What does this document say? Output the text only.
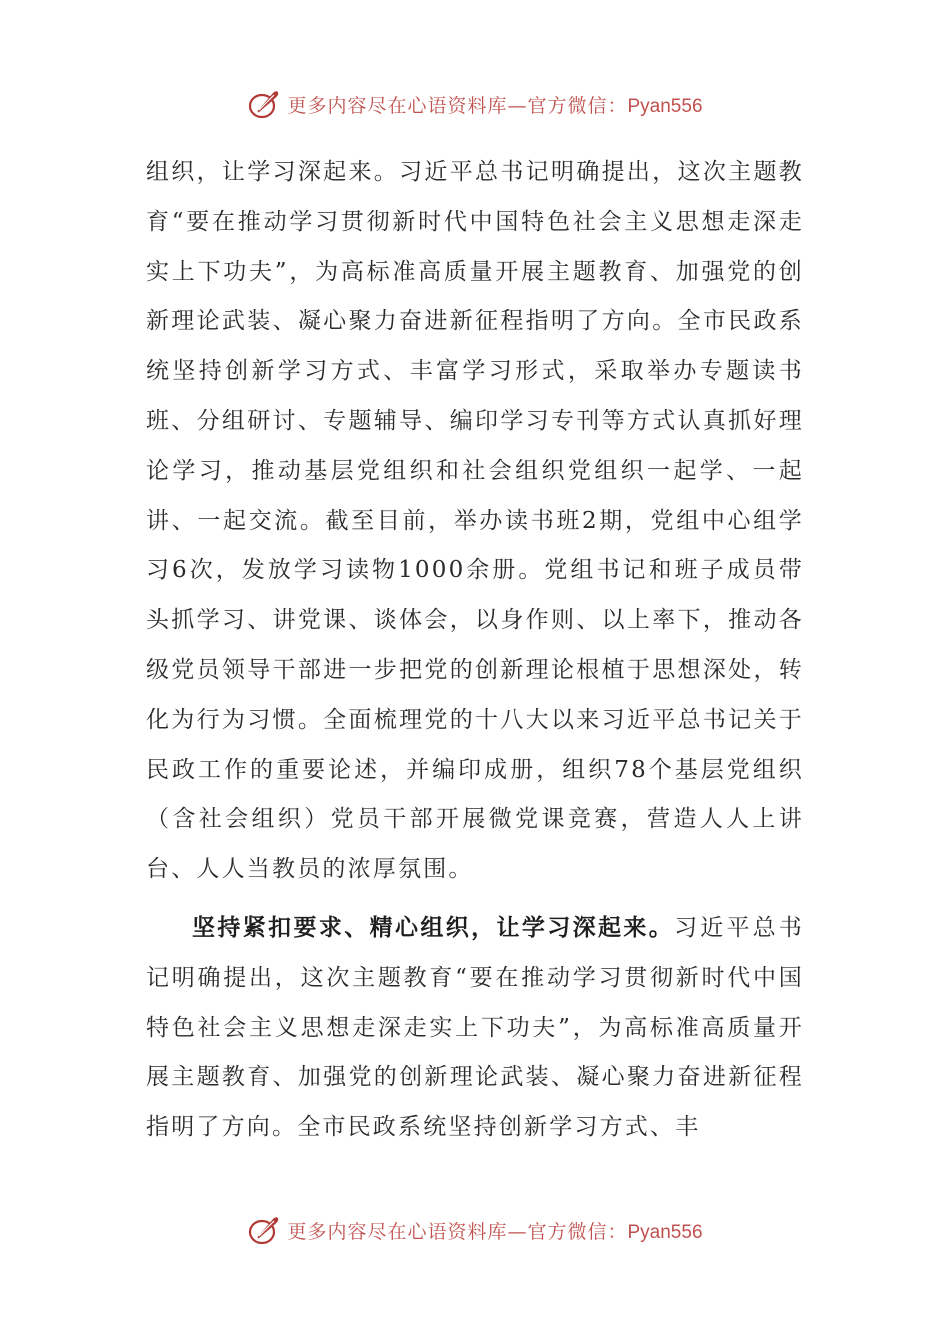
更多内容尽在心语资料库—官方微信：Pyan556

组织，让学习深起来。习近平总书记明确提出，这次主题教育“要在推动学习贯彻新时代中国特色社会主义思想走深走实上下功夫”，为高标准高质量开展主题教育、加强党的创新理论武装、凝心聚力奋进新征程指明了方向。全市民政系统坚持创新学习方式、丰富学习形式，采取举办专题读书班、分组研讨、专题辅导、编印学习专刊等方式认真抓好理论学习，推动基层党组织和社会组织党组织一起学、一起讲、一起交流。截至目前，举办读书班2期，党组中心组学习6次，发放学习读物1000余册。党组书记和班子成员带头抓学习、讲党课、谈体会，以身作则、以上率下，推动各级党员领导干部进一步把党的创新理论根植于思想深处，转化为行为习惯。全面梳理党的十八大以来习近平总书记关于民政工作的重要论述，并编印成册，组织78个基层党组织（含社会组织）党员干部开展微党课竞赛，营造人人上讲台、人人当教员的浓厚氛围。

坚持紧扣要求、精心组织，让学习深起来。习近平总书记明确提出，这次主题教育“要在推动学习贯彻新时代中国特色社会主义思想走深走实上下功夫”，为高标准高质量开展主题教育、加强党的创新理论武装、凝心聚力奋进新征程指明了方向。全市民政系统坚持创新学习方式、丰

更多内容尽在心语资料库—官方微信：Pyan556
